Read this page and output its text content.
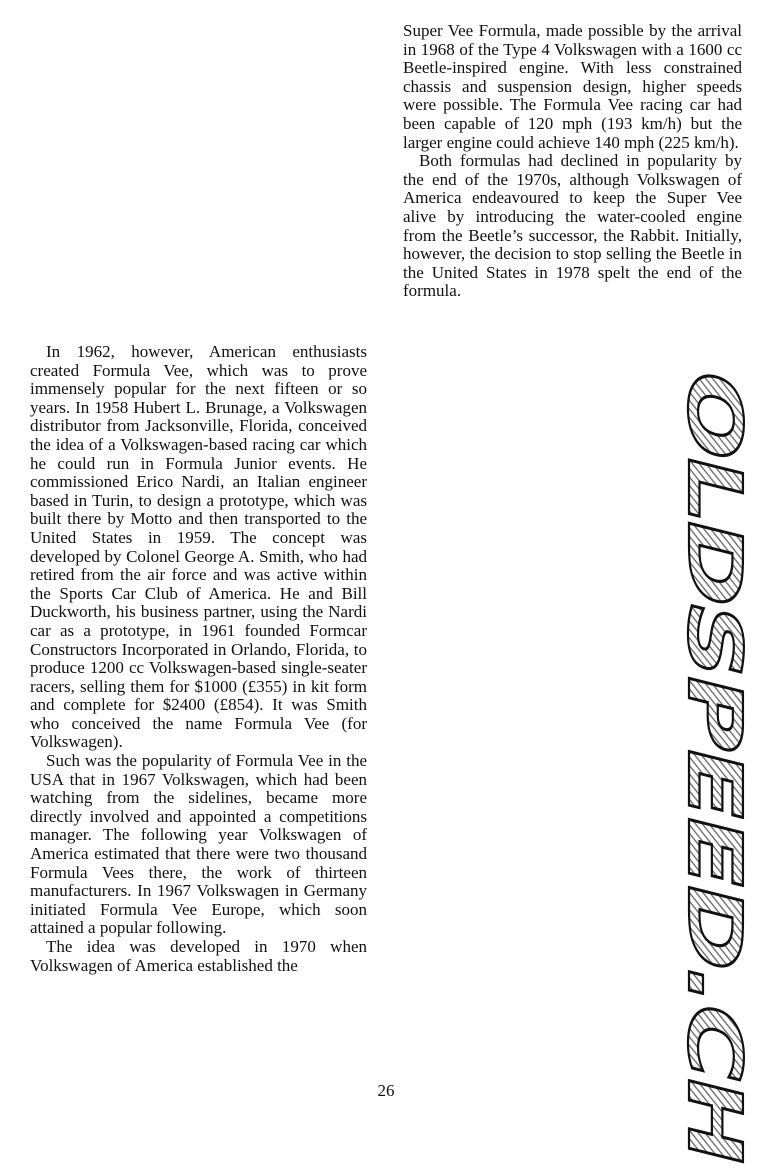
Super Vee Formula, made possible by the arrival in 1968 of the Type 4 Volkswagen with a 1600 cc Beetle-inspired engine. With less constrained chassis and suspension design, higher speeds were possible. The Formula Vee racing car had been capable of 120 mph (193 km/h) but the larger engine could achieve 140 mph (225 km/h).

Both formulas had declined in popularity by the end of the 1970s, although Volkswagen of America endeavoured to keep the Super Vee alive by introducing the water-cooled engine from the Beetle’s successor, the Rabbit. Initially, however, the decision to stop selling the Beetle in the United States in 1978 spelt the end of the formula.

In 1962, however, American enthusiasts created Formula Vee, which was to prove immensely popular for the next fifteen or so years. In 1958 Hubert L. Brunage, a Volkswagen distributor from Jacksonville, Florida, conceived the idea of a Volkswagen-based racing car which he could run in Formula Junior events. He commissioned Erico Nardi, an Italian engineer based in Turin, to design a prototype, which was built there by Motto and then transported to the United States in 1959. The concept was developed by Colonel George A. Smith, who had retired from the air force and was active within the Sports Car Club of America. He and Bill Duckworth, his business partner, using the Nardi car as a prototype, in 1961 founded Formcar Constructors Incorporated in Orlando, Florida, to produce 1200 cc Volkswagen-based single-seater racers, selling them for $1000 (£355) in kit form and complete for $2400 (£854). It was Smith who conceived the name Formula Vee (for Volkswagen).

Such was the popularity of Formula Vee in the USA that in 1967 Volkswagen, which had been watching from the sidelines, became more directly involved and appointed a competitions manager. The following year Volkswagen of America estimated that there were two thousand Formula Vees there, the work of thirteen manufacturers. In 1967 Volkswagen in Germany initiated Formula Vee Europe, which soon attained a popular following.

The idea was developed in 1970 when Volkswagen of America established the

26
OLDSPEED.CH
